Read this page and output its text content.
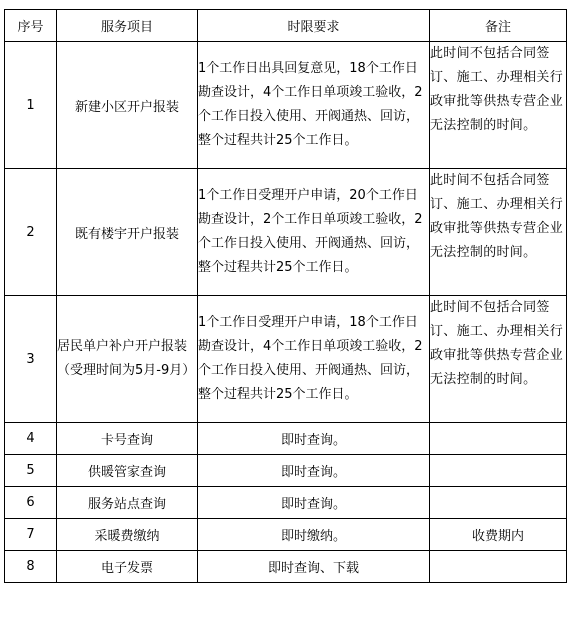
序号	服务项目	时限要求	备注
1	新建小区开户报装	1个工作日出具回复意见，18个工作日勘查设计，4个工作日单项竣工验收，2个工作日投入使用、开阀通热、回访，整个过程共计25个工作日。	此时间不包括合同签订、施工、办理相关行政审批等供热专营企业无法控制的时间。
2	既有楼宇开户报装	1个工作日受理开户申请，20个工作日勘查设计，2个工作日单项竣工验收，2个工作日投入使用、开阀通热、回访，整个过程共计25个工作日。	此时间不包括合同签订、施工、办理相关行政审批等供热专营企业无法控制的时间。
3	居民单户补户开户报装（受理时间为5月-9月）	1个工作日受理开户申请，18个工作日勘查设计，4个工作日单项竣工验收，2个工作日投入使用、开阀通热、回访，整个过程共计25个工作日。	此时间不包括合同签订、施工、办理相关行政审批等供热专营企业无法控制的时间。
4	卡号查询	即时查询。	
5	供暖管家查询	即时查询。	
6	服务站点查询	即时查询。	
7	采暖费缴纳	即时缴纳。	收费期内
8	电子发票	即时查询、下载	
